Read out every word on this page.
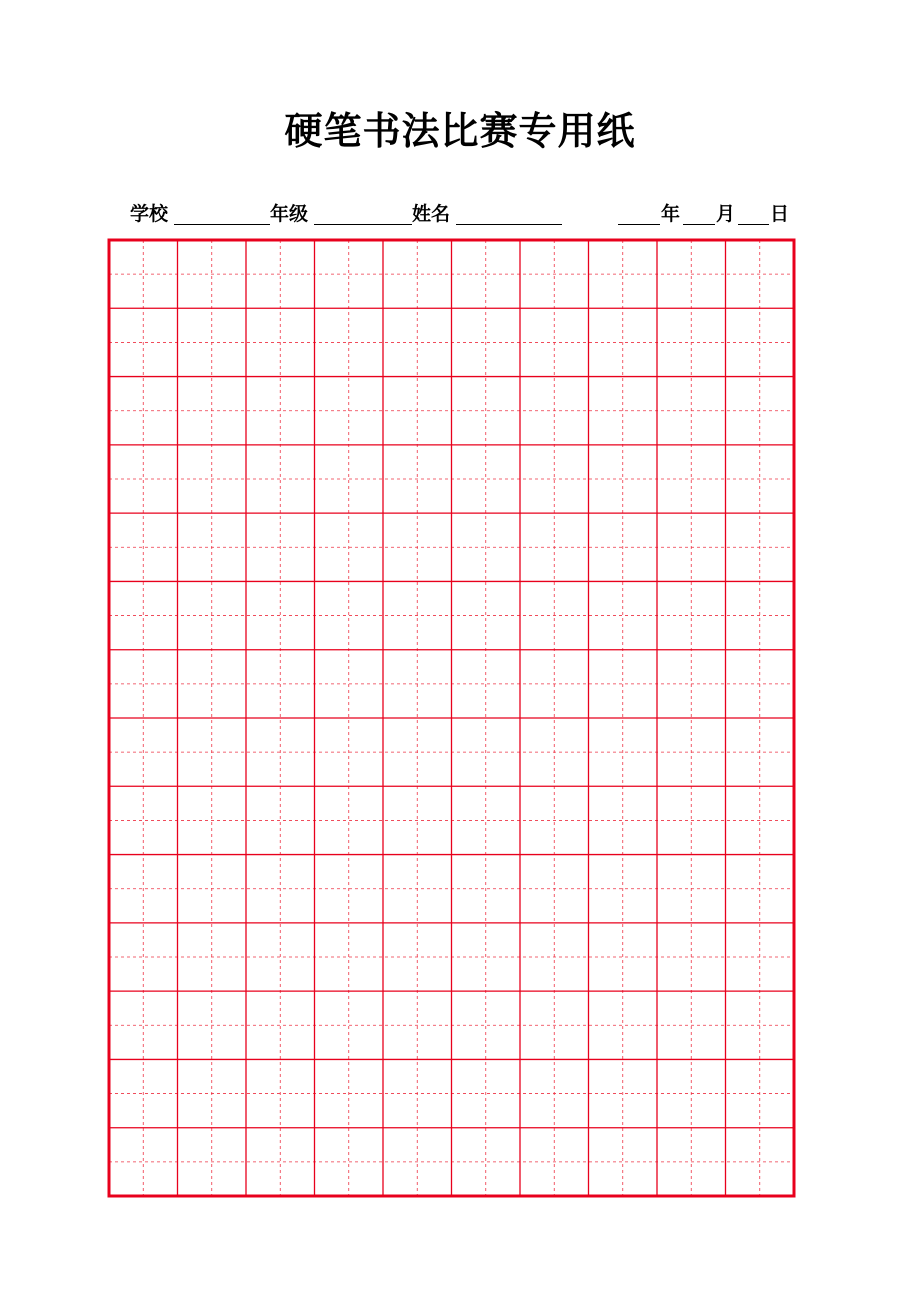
硬笔书法比赛专用纸
学校	年级	姓名	年 月 日
